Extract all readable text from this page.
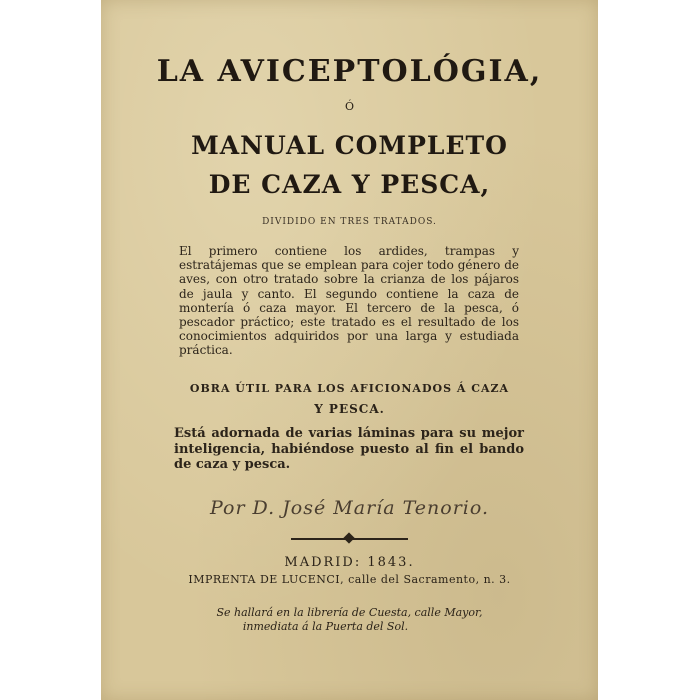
LA AVICEPTOLÓGIA,
Ó
MANUAL COMPLETO
DE CAZA Y PESCA,
DIVIDIDO EN TRES TRATADOS.
El primero contiene los ardides, trampas y estratájemas que se emplean para cojer todo género de aves, con otro tratado sobre la crianza de los pájaros de jaula y canto. El segundo contiene la caza de montería ó caza mayor. El tercero de la pesca, ó pescador práctico; este tratado es el resultado de los conocimientos adquiridos por una larga y estudiada práctica.
OBRA ÚTIL PARA LOS AFICIONADOS Á CAZA
Y PESCA.
Está adornada de varias láminas para su mejor inteligencia, habiéndose puesto al fin el bando de caza y pesca.
Por D. José María Tenorio.
MADRID: 1843.
IMPRENTA DE LUCENCI, calle del Sacramento, n. 3.
Se hallará en la librería de Cuesta, calle Mayor,
inmediata á la Puerta del Sol.
